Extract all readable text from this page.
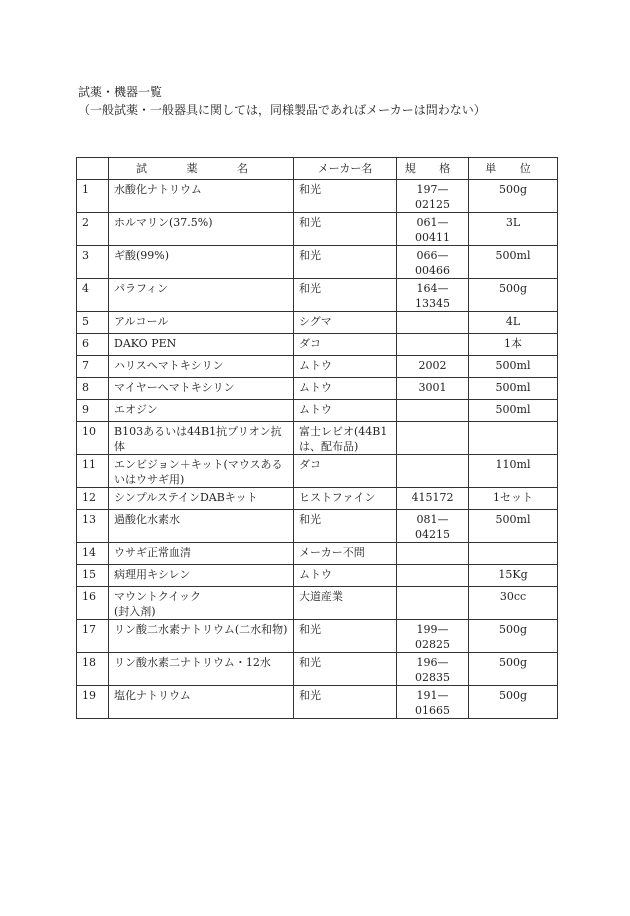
試薬・機器一覧
（一般試薬・一般器具に関しては，同様製品であればメーカーは問わない）
	試 薬 名	メーカー名	規 格	単 位
1	水酸化ナトリウム	和光	197—02125	500g
2	ホルマリン(37.5%)	和光	061—00411	3L
3	ギ酸(99%)	和光	066—00466	500ml
4	パラフィン	和光	164—13345	500g
5	アルコール	シグマ		4L
6	DAKO PEN	ダコ		1本
7	ハリスヘマトキシリン	ムトウ	2002	500ml
8	マイヤーヘマトキシリン	ムトウ	3001	500ml
9	エオジン	ムトウ		500ml
10	B103あるいは44B1抗プリオン抗体	富士レビオ(44B1は、配布品)		
11	エンビジョン＋キット(マウスあるいはウサギ用)	ダコ		110ml
12	シンプルステインDABキット	ヒストファイン	415172	1セット
13	過酸化水素水	和光	081—04215	500ml
14	ウサギ正常血清	メーカー不問		
15	病理用キシレン	ムトウ		15Kg
16	マウントクイック
(封入剤)	大道産業		30cc
17	リン酸二水素ナトリウム(二水和物)	和光	199—02825	500g
18	リン酸水素二ナトリウム・12水	和光	196—02835	500g
19	塩化ナトリウム	和光	191—01665	500g
